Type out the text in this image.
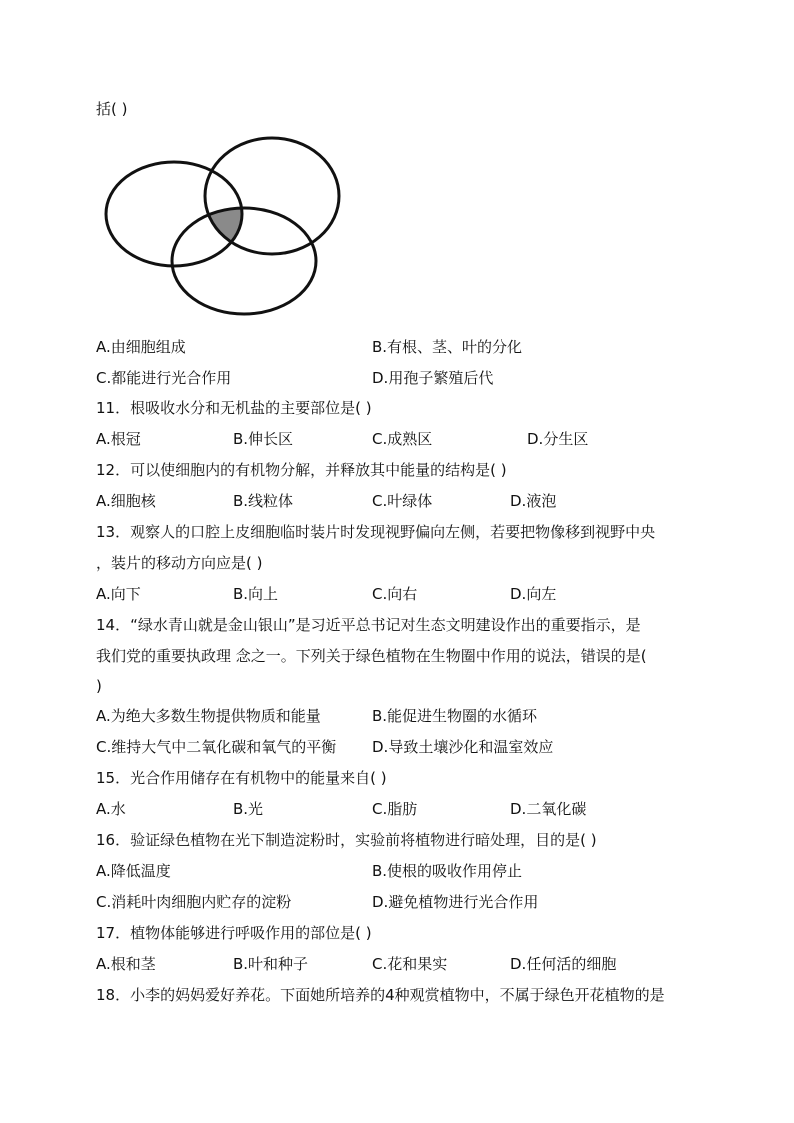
括( )
A.由细胞组成	B.有根、茎、叶的分化
C.都能进行光合作用	D.用孢子繁殖后代
11．根吸收水分和无机盐的主要部位是( )
A.根冠	B.伸长区	C.成熟区	D.分生区
12．可以使细胞内的有机物分解，并释放其中能量的结构是( )
A.细胞核	B.线粒体	C.叶绿体	D.液泡
13．观察人的口腔上皮细胞临时装片时发现视野偏向左侧，若要把物像移到视野中央
，装片的移动方向应是( )
A.向下	B.向上	C.向右	D.向左
14．“绿水青山就是金山银山”是习近平总书记对生态文明建设作出的重要指示，是
我们党的重要执政理 念之一。下列关于绿色植物在生物圈中作用的说法，错误的是(
)
A.为绝大多数生物提供物质和能量	B.能促进生物圈的水循环
C.维持大气中二氧化碳和氧气的平衡 D.导致土壤沙化和温室效应
15．光合作用储存在有机物中的能量来自( )
A.水	B.光	C.脂肪	D.二氧化碳
16．验证绿色植物在光下制造淀粉时，实验前将植物进行暗处理，目的是( )
A.降低温度	B.使根的吸收作用停止
C.消耗叶肉细胞内贮存的淀粉	D.避免植物进行光合作用
17．植物体能够进行呼吸作用的部位是( )
A.根和茎	B.叶和种子	C.花和果实	D.任何活的细胞
18．小李的妈妈爱好养花。下面她所培养的4种观赏植物中，不属于绿色开花植物的是
